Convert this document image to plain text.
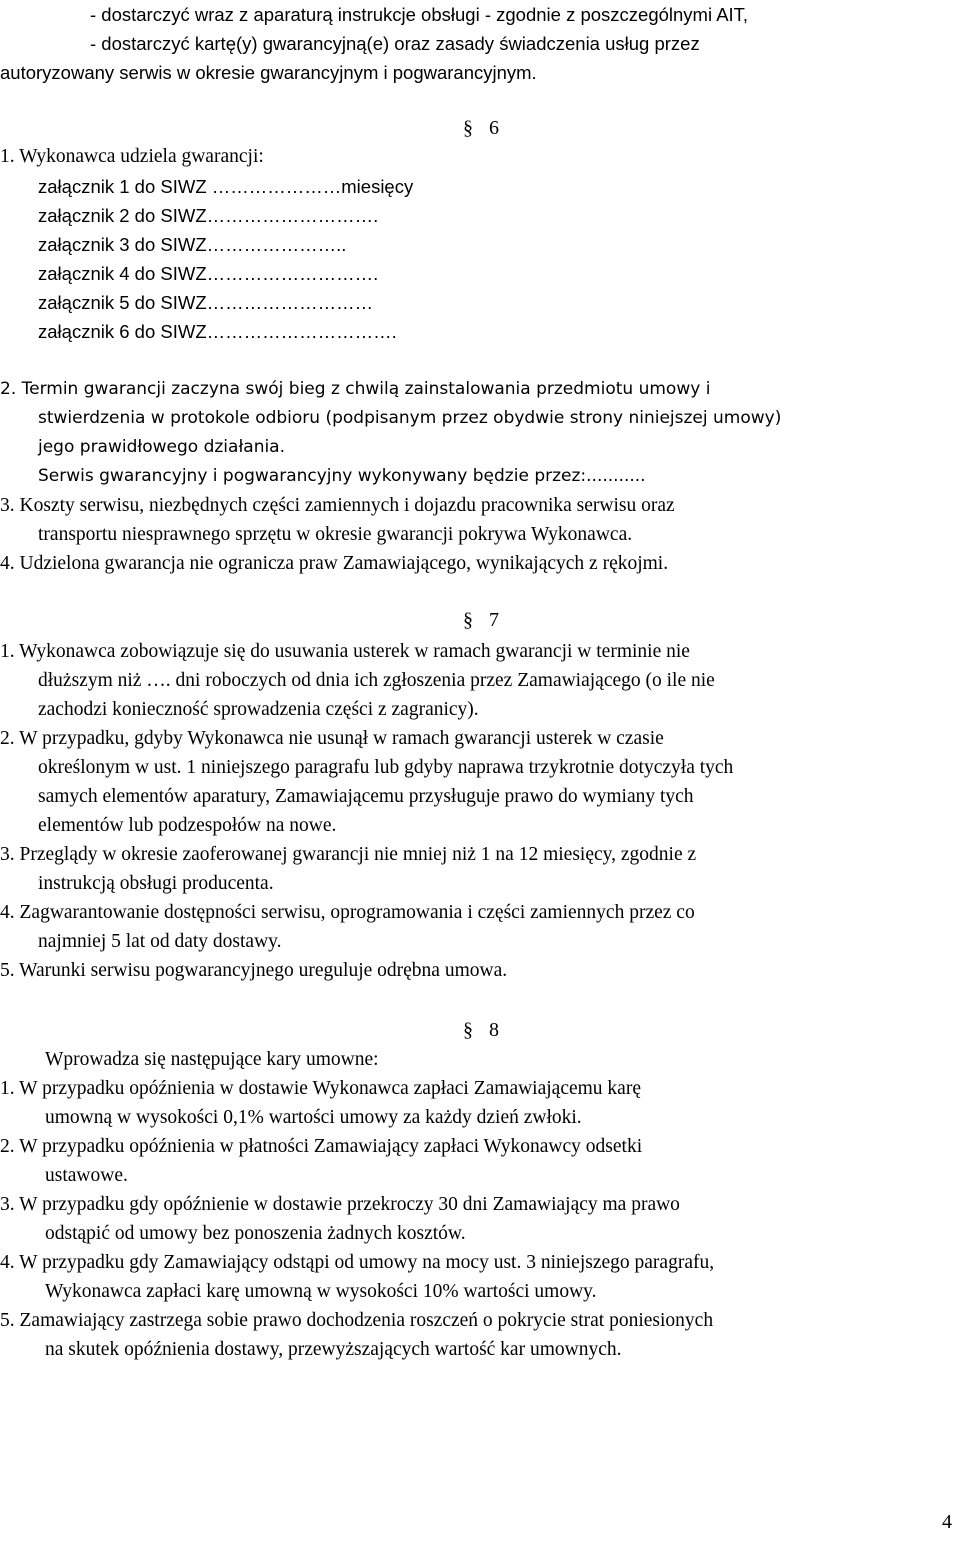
- dostarczyć wraz z aparaturą instrukcje obsługi - zgodnie z poszczególnymi AIT,
- dostarczyć kartę(y) gwarancyjną(e) oraz zasady świadczenia usług przez
autoryzowany serwis w okresie gwarancyjnym i pogwarancyjnym.
§ 6
1. Wykonawca udziela gwarancji:
załącznik 1 do SIWZ …………………miesięcy
załącznik 2 do SIWZ……………………….
załącznik 3 do SIWZ…………………..
załącznik 4 do SIWZ……………………….
załącznik 5 do SIWZ………………………
załącznik 6 do SIWZ………………………….
2. Termin gwarancji zaczyna swój bieg z chwilą zainstalowania przedmiotu umowy i
stwierdzenia w protokole odbioru (podpisanym przez obydwie strony niniejszej umowy)
jego prawidłowego działania.
Serwis gwarancyjny i pogwarancyjny wykonywany będzie przez:...........
3. Koszty serwisu, niezbędnych części zamiennych i dojazdu pracownika serwisu oraz
transportu niesprawnego sprzętu w okresie gwarancji pokrywa Wykonawca.
4. Udzielona gwarancja nie ogranicza praw Zamawiającego, wynikających z rękojmi.
§ 7
1. Wykonawca zobowiązuje się do usuwania usterek w ramach gwarancji w terminie nie
dłuższym niż …. dni roboczych od dnia ich zgłoszenia przez Zamawiającego (o ile nie
zachodzi konieczność sprowadzenia części z zagranicy).
2. W przypadku, gdyby Wykonawca nie usunął w ramach gwarancji usterek w czasie
określonym w ust. 1 niniejszego paragrafu lub gdyby naprawa trzykrotnie dotyczyła tych
samych elementów aparatury, Zamawiającemu przysługuje prawo do wymiany tych
elementów lub podzespołów na nowe.
3. Przeglądy w okresie zaoferowanej gwarancji nie mniej niż 1 na 12 miesięcy, zgodnie z
instrukcją obsługi producenta.
4. Zagwarantowanie dostępności serwisu, oprogramowania i części zamiennych przez co
najmniej 5 lat od daty dostawy.
5. Warunki serwisu pogwarancyjnego ureguluje odrębna umowa.
§ 8
Wprowadza się następujące kary umowne:
1. W przypadku opóźnienia w dostawie Wykonawca zapłaci Zamawiającemu karę
umowną w wysokości 0,1% wartości umowy za każdy dzień zwłoki.
2. W przypadku opóźnienia w płatności Zamawiający zapłaci Wykonawcy odsetki
ustawowe.
3. W przypadku gdy opóźnienie w dostawie przekroczy 30 dni Zamawiający ma prawo
odstąpić od umowy bez ponoszenia żadnych kosztów.
4. W przypadku gdy Zamawiający odstąpi od umowy na mocy ust. 3 niniejszego paragrafu,
Wykonawca zapłaci karę umowną w wysokości 10% wartości umowy.
5. Zamawiający zastrzega sobie prawo dochodzenia roszczeń o pokrycie strat poniesionych
na skutek opóźnienia dostawy, przewyższających wartość kar umownych.
4
